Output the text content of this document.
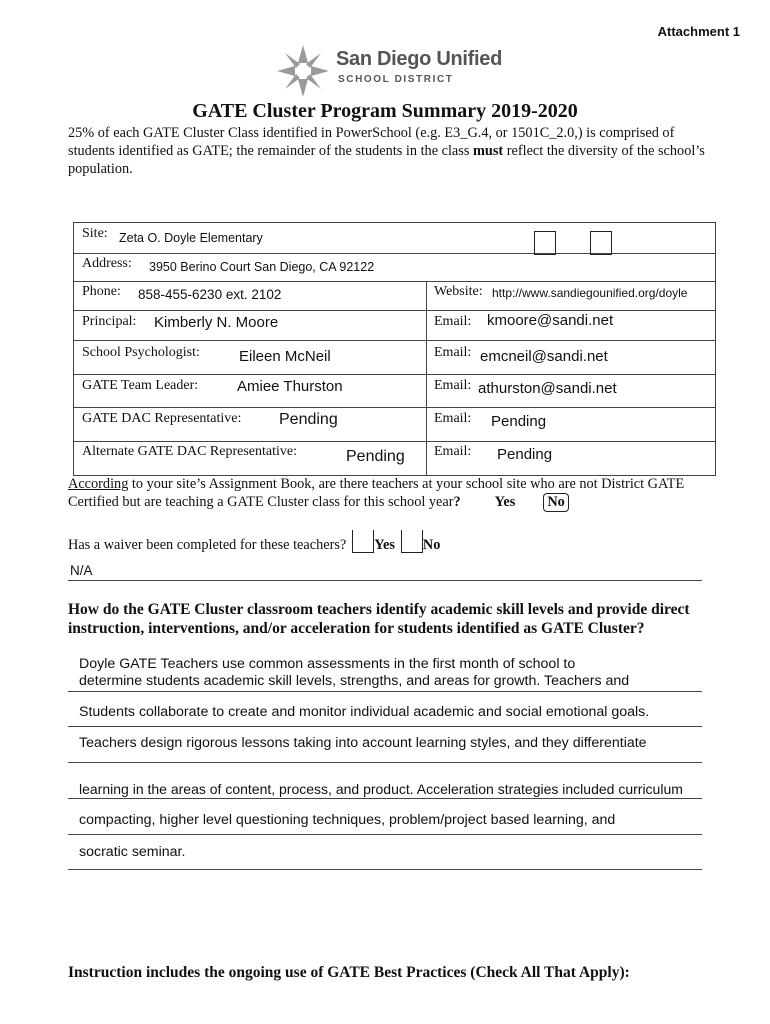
Attachment 1
San Diego Unified
SCHOOL DISTRICT
GATE Cluster Program Summary 2019-2020
25% of each GATE Cluster Class identified in PowerSchool (e.g. E3_G.4, or 1501C_2.0,) is comprised of students identified as GATE; the remainder of the students in the class must reflect the diversity of the school’s population.
Site: Zeta O. Doyle Elementary
Address: 3950 Berino Court San Diego, CA 92122
Phone: 858-455-6230 ext. 2102	Website: http://www.sandiegounified.org/doyle
Principal: Kimberly N. Moore	Email: kmoore@sandi.net
School Psychologist:	Eileen McNeil	Email: emcneil@sandi.net
GATE Team Leader:	Amiee Thurston	Email: athurston@sandi.net
GATE DAC Representative: Pending	Email: Pending
Alternate GATE DAC Representative:	Pending Email: Pending
According to your site’s Assignment Book, are there teachers at your school site who are not District GATE Certified but are teaching a GATE Cluster class for this school year? Yes No
Has a waiver been completed for these teachers? Yes No
N/A
How do the GATE Cluster classroom teachers identify academic skill levels and provide direct instruction, interventions, and/or acceleration for students identified as GATE Cluster?
Doyle GATE Teachers use common assessments in the first month of school to
determine students academic skill levels, strengths, and areas for growth. Teachers and
Students collaborate to create and monitor individual academic and social emotional goals.
Teachers design rigorous lessons taking into account learning styles, and they differentiate
learning in the areas of content, process, and product. Acceleration strategies included curriculum
compacting, higher level questioning techniques, problem/project based learning, and
socratic seminar.
Instruction includes the ongoing use of GATE Best Practices (Check All That Apply):
